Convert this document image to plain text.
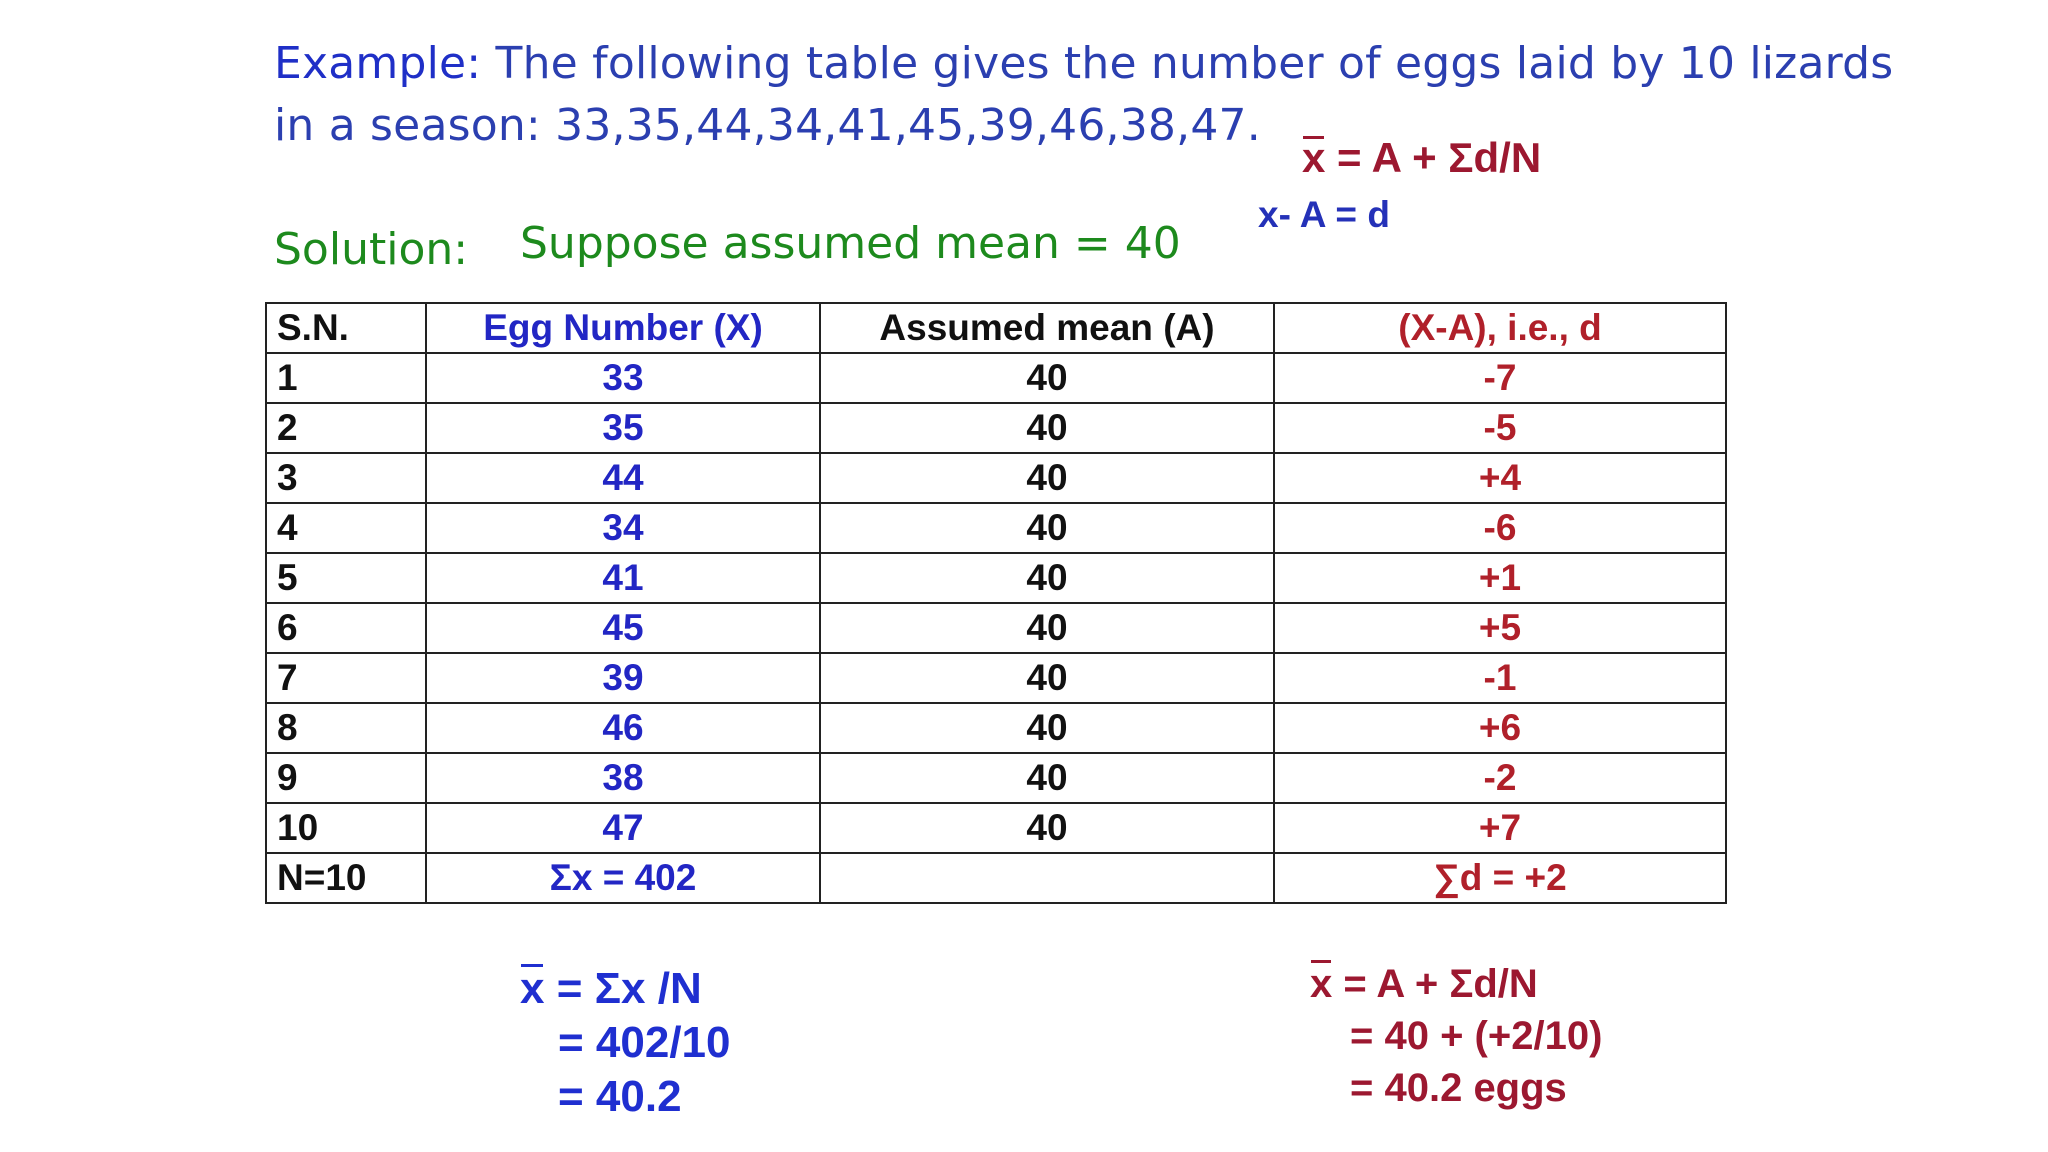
Example: The following table gives the number of eggs laid by 10 lizards
in a season: 33,35,44,34,41,45,39,46,38,47.
x = A + Σd/N
x- A = d
Solution: Suppose assumed mean = 40
S.N.	Egg Number (X)	Assumed mean (A)	(X-A), i.e., d
1	33	40	-7
2	35	40	-5
3	44	40	+4
4	34	40	-6
5	41	40	+1
6	45	40	+5
7	39	40	-1
8	46	40	+6
9	38	40	-2
10	47	40	+7
N=10	Σx = 402		∑d = +2
x = Σx /N
= 402/10
= 40.2
x = A + Σd/N
= 40 + (+2/10)
= 40.2 eggs
